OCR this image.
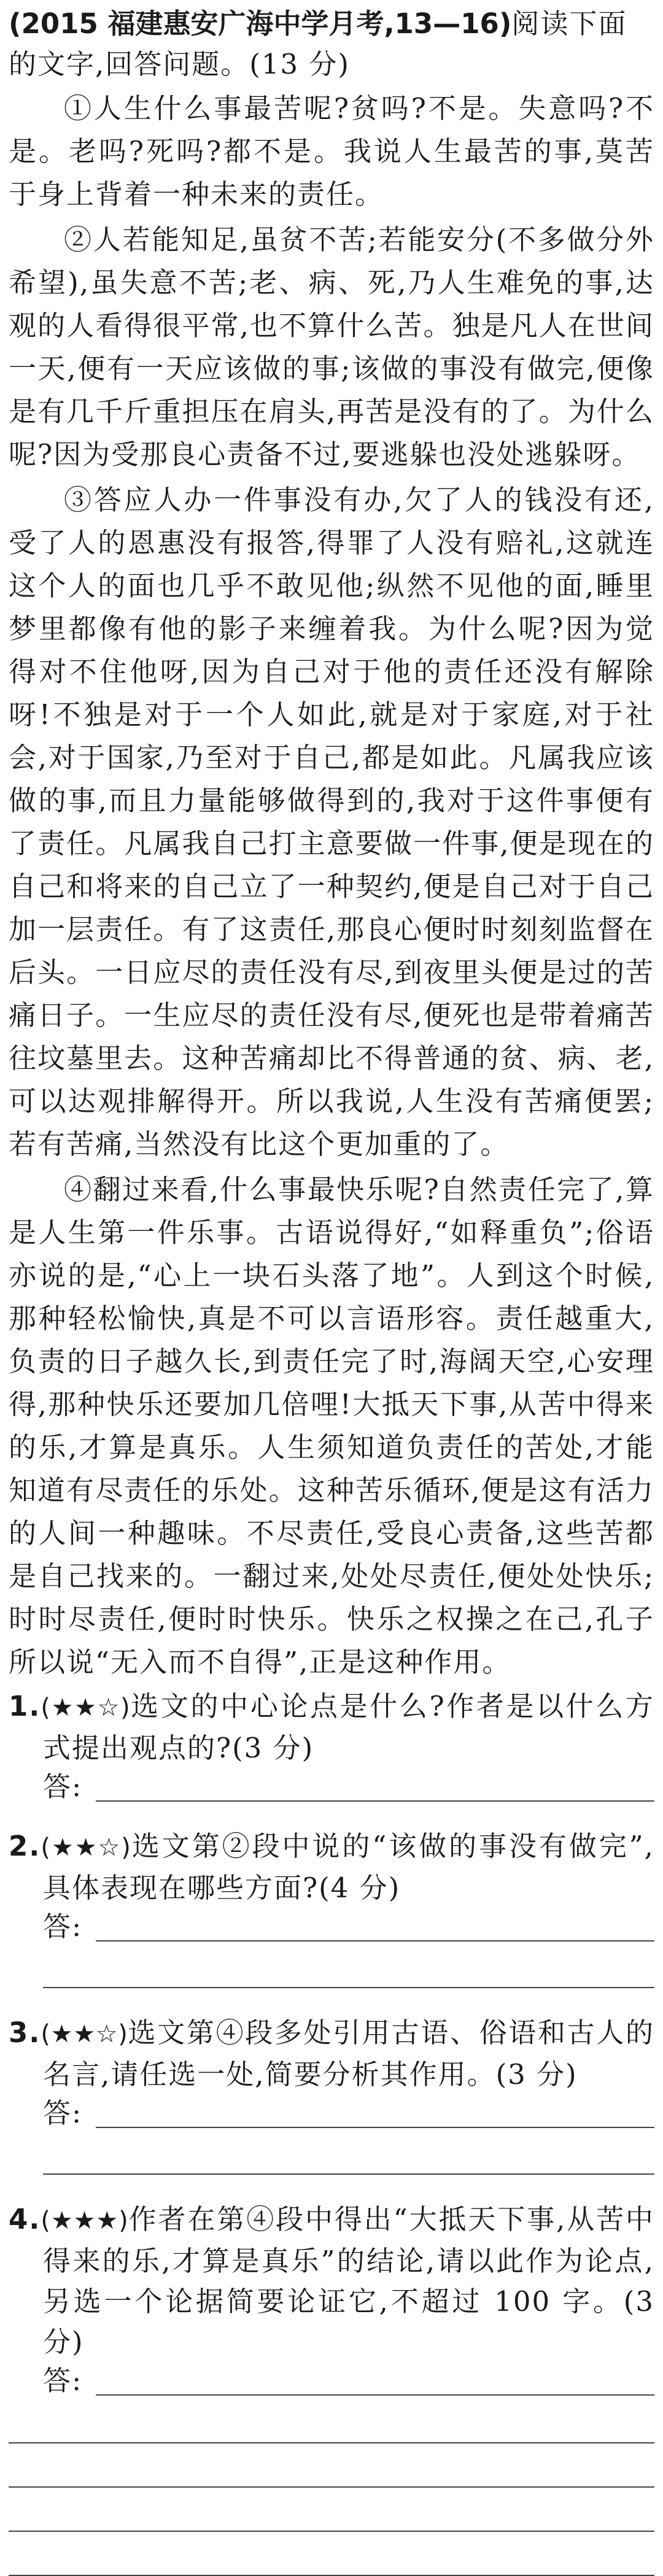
(2015 福建惠安广海中学月考,13—16)阅读下面的文字,回答问题。(13 分)
①人生什么事最苦呢?贫吗?不是。失意吗?不是。老吗?死吗?都不是。我说人生最苦的事,莫苦于身上背着一种未来的责任。
②人若能知足,虽贫不苦;若能安分(不多做分外希望),虽失意不苦;老、病、死,乃人生难免的事,达观的人看得很平常,也不算什么苦。独是凡人在世间一天,便有一天应该做的事;该做的事没有做完,便像是有几千斤重担压在肩头,再苦是没有的了。为什么呢?因为受那良心责备不过,要逃躲也没处逃躲呀。
③答应人办一件事没有办,欠了人的钱没有还,受了人的恩惠没有报答,得罪了人没有赔礼,这就连这个人的面也几乎不敢见他;纵然不见他的面,睡里梦里都像有他的影子来缠着我。为什么呢?因为觉得对不住他呀,因为自己对于他的责任还没有解除呀!不独是对于一个人如此,就是对于家庭,对于社会,对于国家,乃至对于自己,都是如此。凡属我应该做的事,而且力量能够做得到的,我对于这件事便有了责任。凡属我自己打主意要做一件事,便是现在的自己和将来的自己立了一种契约,便是自己对于自己加一层责任。有了这责任,那良心便时时刻刻监督在后头。一日应尽的责任没有尽,到夜里头便是过的苦痛日子。一生应尽的责任没有尽,便死也是带着痛苦往坟墓里去。这种苦痛却比不得普通的贫、病、老,可以达观排解得开。所以我说,人生没有苦痛便罢;若有苦痛,当然没有比这个更加重的了。
④翻过来看,什么事最快乐呢?自然责任完了,算是人生第一件乐事。古语说得好,“如释重负”;俗语亦说的是,“心上一块石头落了地”。人到这个时候,那种轻松愉快,真是不可以言语形容。责任越重大,负责的日子越久长,到责任完了时,海阔天空,心安理得,那种快乐还要加几倍哩!大抵天下事,从苦中得来的乐,才算是真乐。人生须知道负责任的苦处,才能知道有尽责任的乐处。这种苦乐循环,便是这有活力的人间一种趣味。不尽责任,受良心责备,这些苦都是自己找来的。一翻过来,处处尽责任,便处处快乐;时时尽责任,便时时快乐。快乐之权操之在己,孔子所以说“无入而不自得”,正是这种作用。
1.(★★☆)选文的中心论点是什么?作者是以什么方式提出观点的?(3 分)
答:
2.(★★☆)选文第②段中说的“该做的事没有做完”,具体表现在哪些方面?(4 分)
答:
3.(★★☆)选文第④段多处引用古语、俗语和古人的名言,请任选一处,简要分析其作用。(3 分)
答:
4.(★★★)作者在第④段中得出“大抵天下事,从苦中得来的乐,才算是真乐”的结论,请以此作为论点,另选一个论据简要论证它,不超过 100 字。(3 分)
答:
